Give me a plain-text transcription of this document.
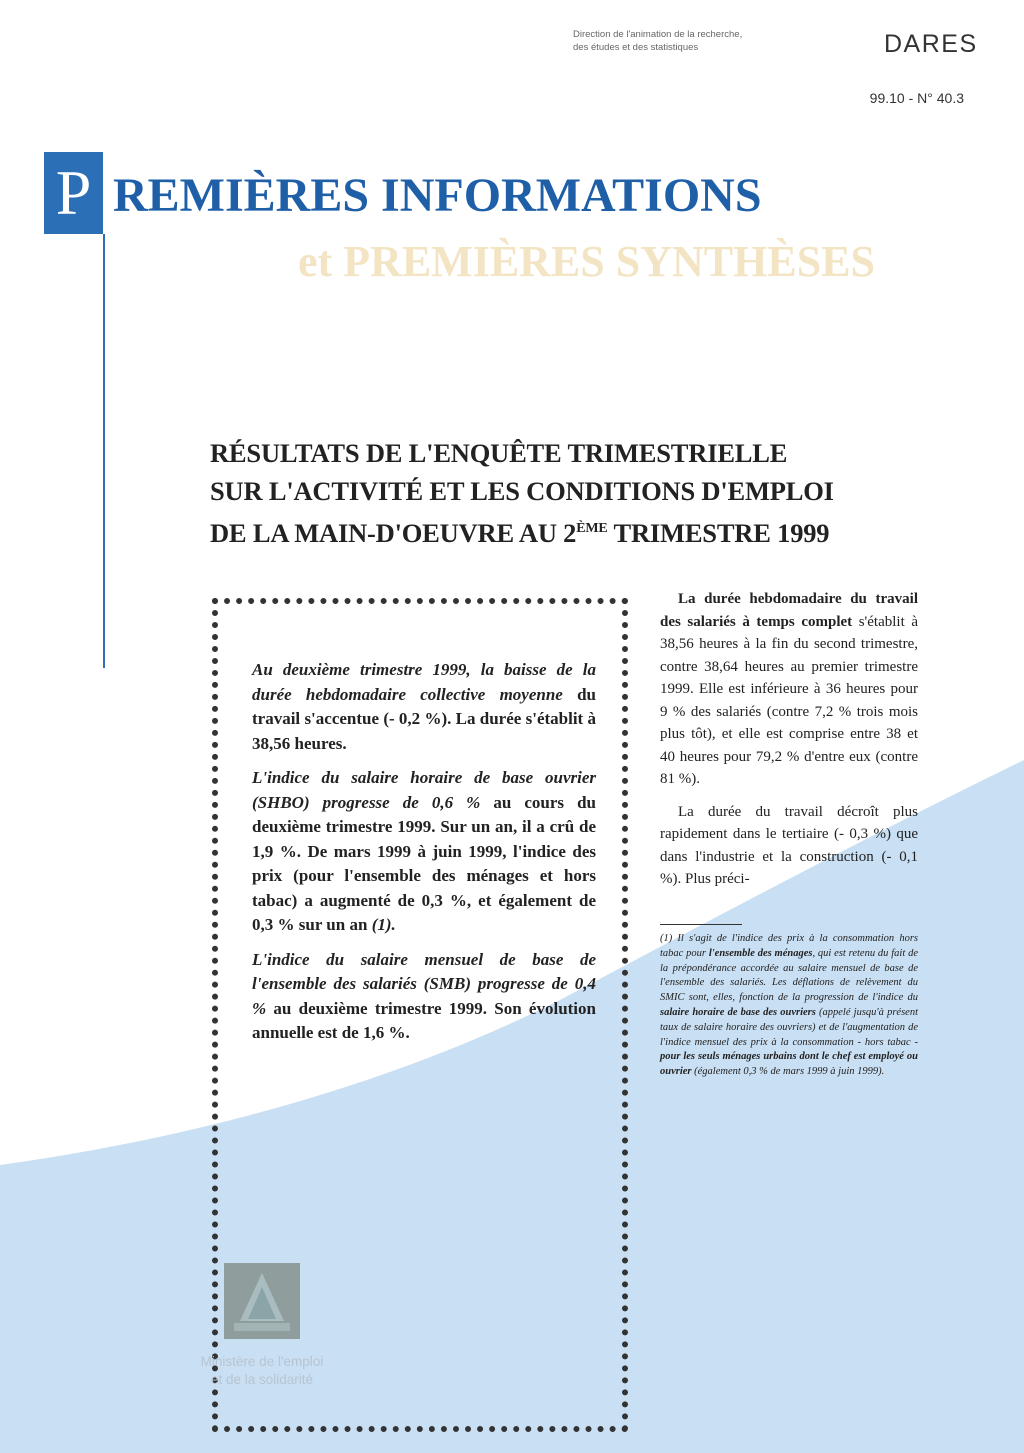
Direction de l'animation de la recherche,
des études et des statistiques	DARES
99.10 - N° 40.3
P REMIÈRES INFORMATIONS
et PREMIÈRES SYNTHÈSES
RÉSULTATS DE L'ENQUÊTE TRIMESTRIELLE
SUR L'ACTIVITÉ ET LES CONDITIONS D'EMPLOI
DE LA MAIN-D'OEUVRE AU 2ÈME TRIMESTRE 1999

Au deuxième trimestre 1999, la baisse de la durée hebdomadaire collective moyenne du travail s'accentue (- 0,2 %). La durée s'établit à 38,56 heures.

L'indice du salaire horaire de base ouvrier (SHBO) progresse de 0,6 % au cours du deuxième trimestre 1999. Sur un an, il a crû de 1,9 %. De mars 1999 à juin 1999, l'indice des prix (pour l'ensemble des ménages et hors tabac) a augmenté de 0,3 %, et également de 0,3 % sur un an (1).

L'indice du salaire mensuel de base de l'ensemble des salariés (SMB) progresse de 0,4 % au deuxième trimestre 1999. Son évolution annuelle est de 1,6 %.

La durée hebdomadaire du travail des salariés à temps complet s'établit à 38,56 heures à la fin du second trimestre, contre 38,64 heures au premier trimestre 1999. Elle est inférieure à 36 heures pour 9 % des salariés (contre 7,2 % trois mois plus tôt), et elle est comprise entre 38 et 40 heures pour 79,2 % d'entre eux (contre 81 %).

La durée du travail décroît plus rapidement dans le tertiaire (- 0,3 %) que dans l'industrie et la construction (- 0,1 %). Plus préci-

(1) Il s'agit de l'indice des prix à la consommation hors tabac pour l'ensemble des ménages, qui est retenu du fait de la prépondérance accordée au salaire mensuel de base de l'ensemble des salariés. Les déflations de relèvement du SMIC sont, elles, fonction de la progression de l'indice du salaire horaire de base des ouvriers (appelé jusqu'à présent taux de salaire horaire des ouvriers) et de l'augmentation de l'indice mensuel des prix à la consommation - hors tabac - pour les seuls ménages urbains dont le chef est employé ou ouvrier (également 0,3 % de mars 1999 à juin 1999).
Ministère de l'emploi
et de la solidarité
